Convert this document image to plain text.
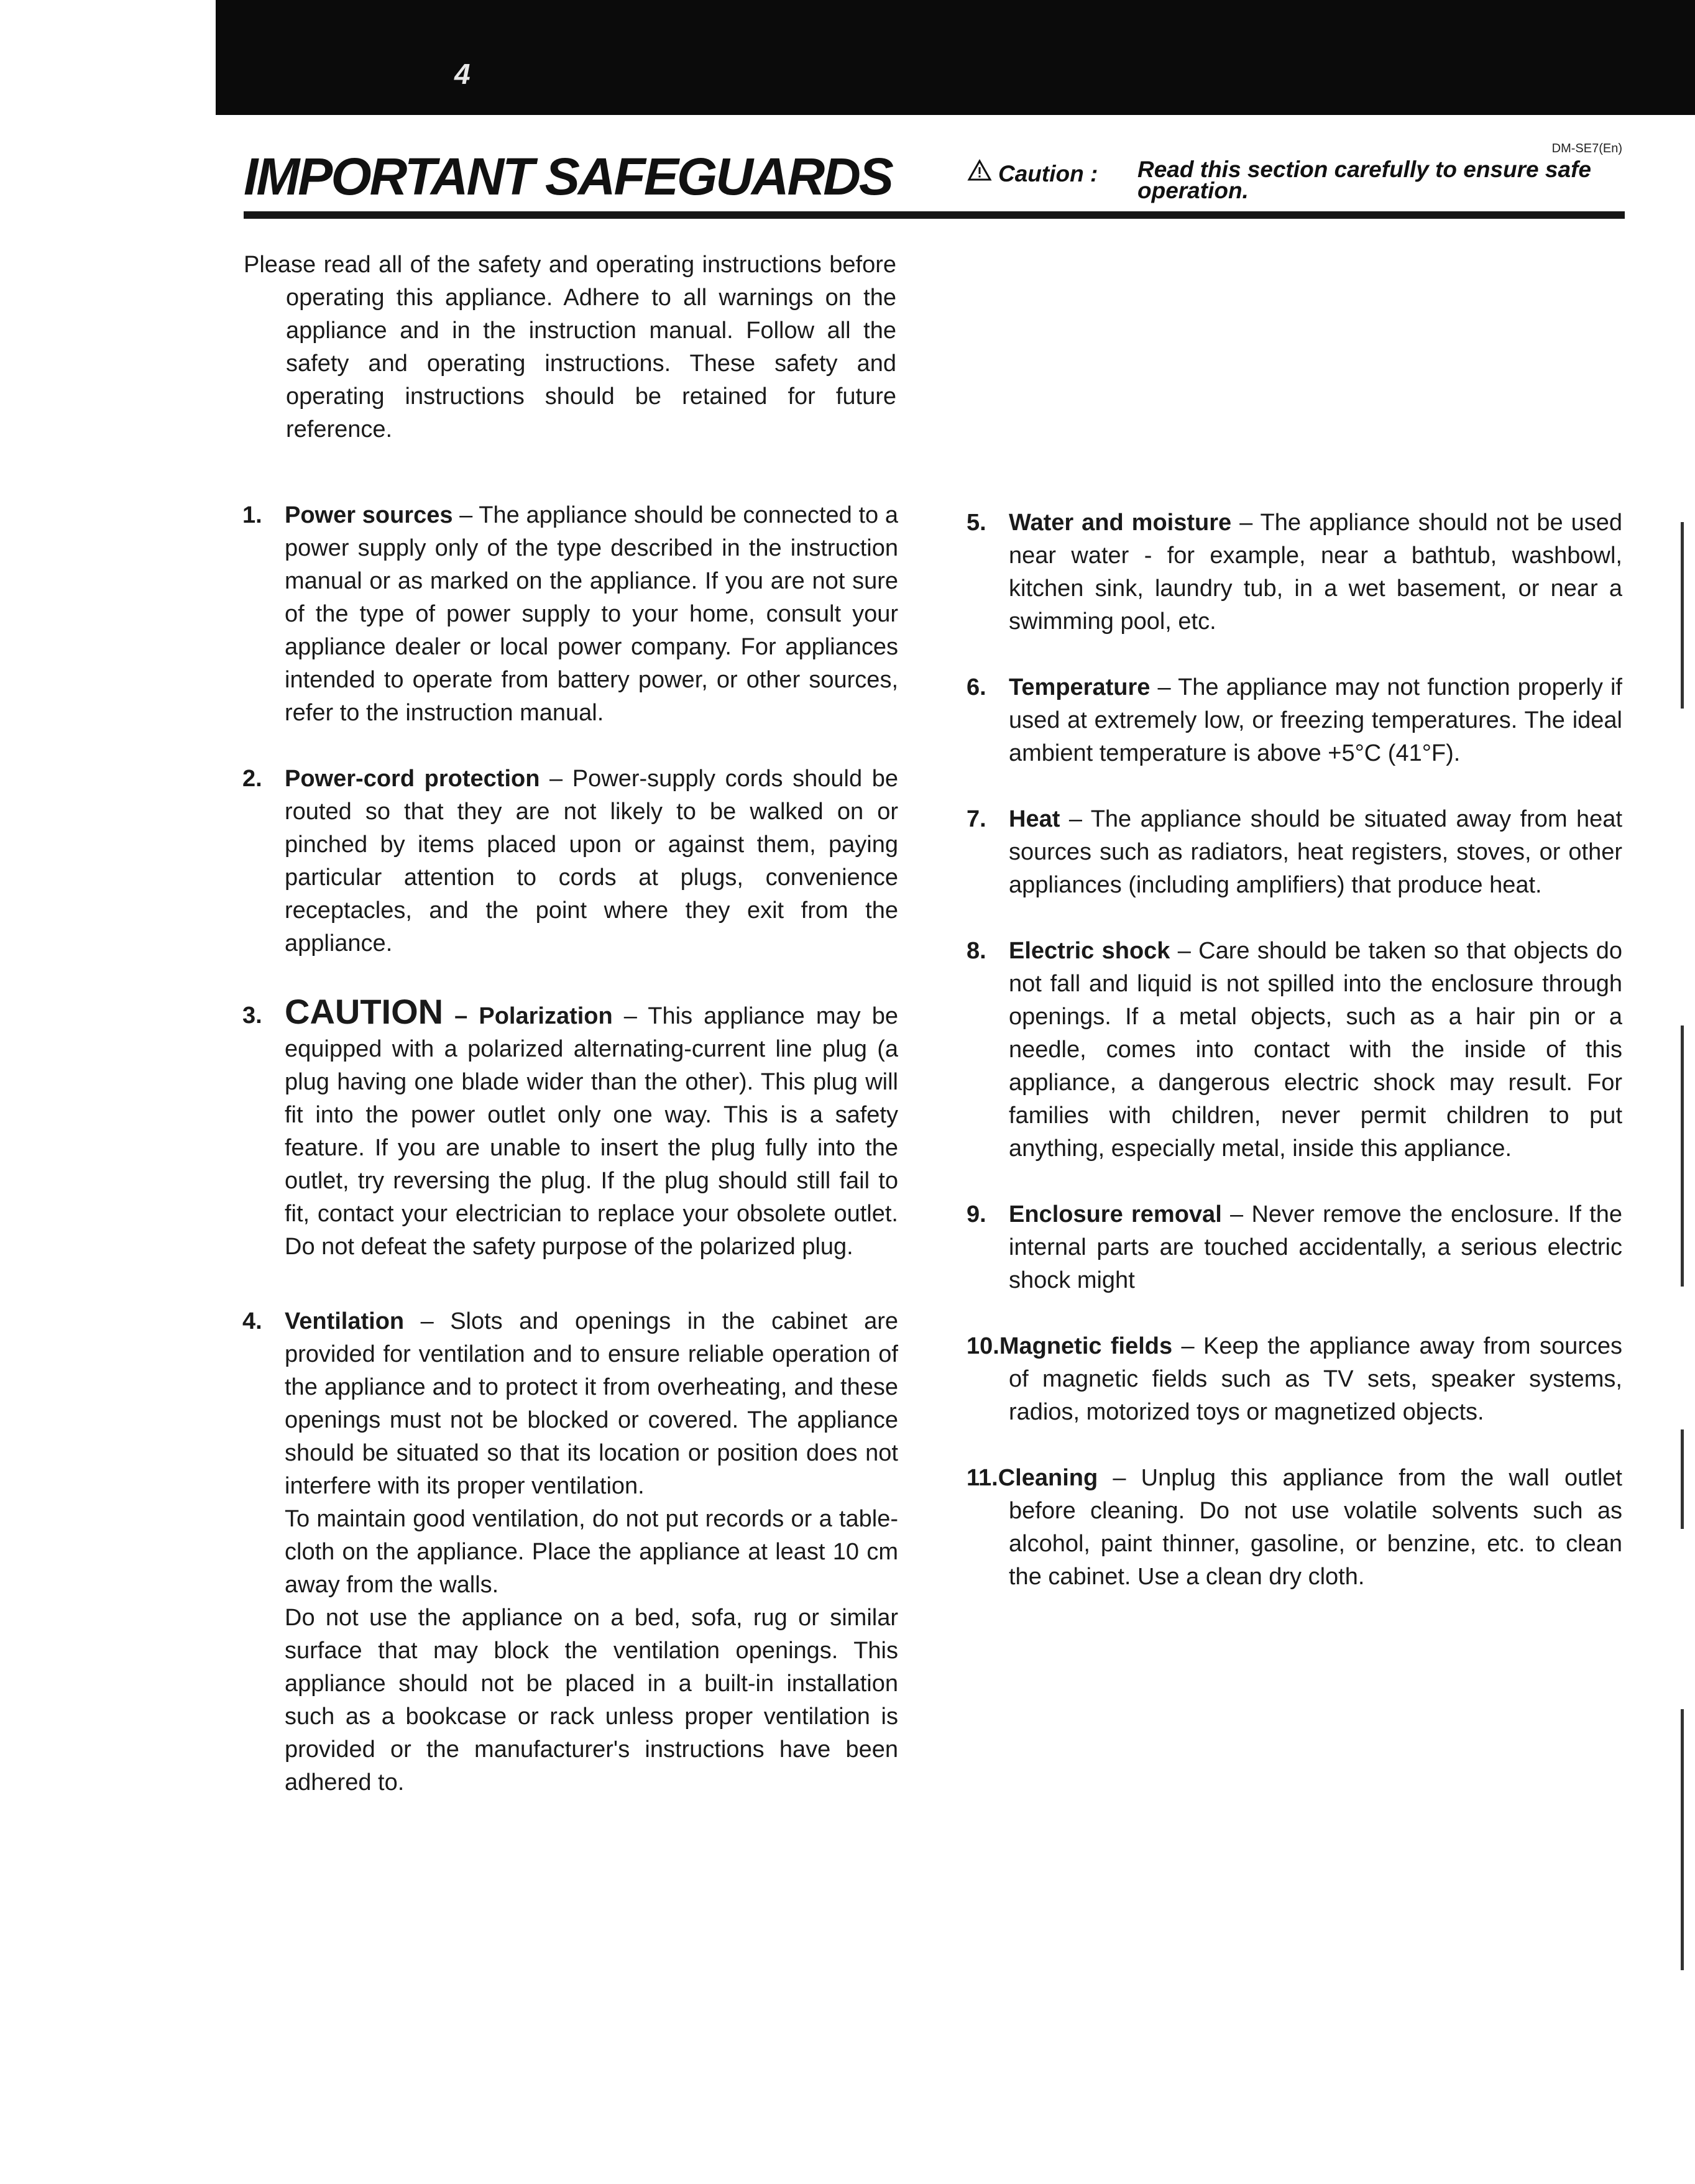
4
DM-SE7(En)
IMPORTANT SAFEGUARDS	Caution : Read this section carefully to ensure safe operation.

Please read all of the safety and operating instructions before operating this appliance. Adhere to all warnings on the appliance and in the instruction manual. Follow all the safety and operating instructions. These safety and operating instructions should be retained for future reference.

1. Power sources – The appliance should be connected to a power supply only of the type described in the instruction manual or as marked on the appliance. If you are not sure of the type of power supply to your home, consult your appliance dealer or local power company. For appliances intended to operate from battery power, or other sources, refer to the instruction manual.
2. Power-cord protection – Power-supply cords should be routed so that they are not likely to be walked on or pinched by items placed upon or against them, paying particular attention to cords at plugs, convenience receptacles, and the point where they exit from the appliance.
3. CAUTION – Polarization – This appliance may be equipped with a polarized alternating-current line plug (a plug having one blade wider than the other). This plug will fit into the power outlet only one way. This is a safety feature. If you are unable to insert the plug fully into the outlet, try reversing the plug. If the plug should still fail to fit, contact your electrician to replace your obsolete outlet. Do not defeat the safety purpose of the polarized plug.
4. Ventilation – Slots and openings in the cabinet are provided for ventilation and to ensure reliable operation of the appliance and to protect it from overheating, and these openings must not be blocked or covered. The appliance should be situated so that its location or position does not interfere with its proper ventilation.

To maintain good ventilation, do not put records or a table-cloth on the appliance. Place the appliance at least 10 cm away from the walls.

Do not use the appliance on a bed, sofa, rug or similar surface that may block the ventilation openings. This appliance should not be placed in a built-in installation such as a bookcase or rack unless proper ventilation is provided or the manufacturer's instructions have been adhered to.

5. Water and moisture – The appliance should not be used near water - for example, near a bathtub, washbowl, kitchen sink, laundry tub, in a wet basement, or near a swimming pool, etc.
6. Temperature – The appliance may not function properly if used at extremely low, or freezing temperatures. The ideal ambient temperature is above +5°C (41°F).
7. Heat – The appliance should be situated away from heat sources such as radiators, heat registers, stoves, or other appliances (including amplifiers) that produce heat.
8. Electric shock – Care should be taken so that objects do not fall and liquid is not spilled into the enclosure through openings. If a metal objects, such as a hair pin or a needle, comes into contact with the inside of this appliance, a dangerous electric shock may result. For families with children, never permit children to put anything, especially metal, inside this appliance.
9. Enclosure removal – Never remove the enclosure. If the internal parts are touched accidentally, a serious electric shock might
10.Magnetic fields – Keep the appliance away from sources of magnetic fields such as TV sets, speaker systems, radios, motorized toys or magnetized objects.
11.Cleaning – Unplug this appliance from the wall outlet before cleaning. Do not use volatile solvents such as alcohol, paint thinner, gasoline, or benzine, etc. to clean the cabinet. Use a clean dry cloth.
